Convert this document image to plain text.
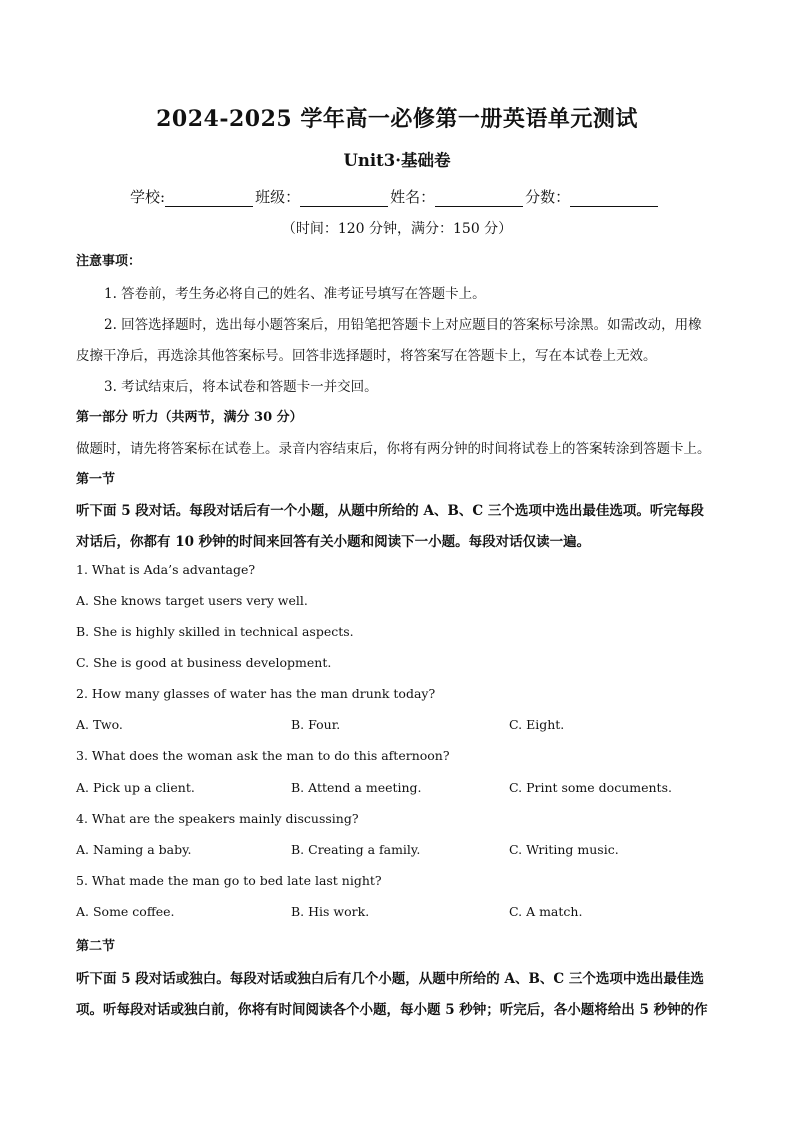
2024-2025 学年高一必修第一册英语单元测试
Unit3·基础卷
学校:	班级：	姓名：	分数：
（时间：120 分钟，满分：150 分）
注意事项：
1. 答卷前，考生务必将自己的姓名、准考证号填写在答题卡上。
2. 回答选择题时，选出每小题答案后，用铅笔把答题卡上对应题目的答案标号涂黑。如需改动，用橡
皮擦干净后，再选涂其他答案标号。回答非选择题时，将答案写在答题卡上，写在本试卷上无效。
3. 考试结束后，将本试卷和答题卡一并交回。
第一部分 听力（共两节，满分 30 分）
做题时，请先将答案标在试卷上。录音内容结束后，你将有两分钟的时间将试卷上的答案转涂到答题卡上。
第一节
听下面 5 段对话。每段对话后有一个小题，从题中所给的 A、B、C 三个选项中选出最佳选项。听完每段
对话后，你都有 10 秒钟的时间来回答有关小题和阅读下一小题。每段对话仅读一遍。
1. What is Ada’s advantage?
A. She knows target users very well.
B. She is highly skilled in technical aspects.
C. She is good at business development.
2. How many glasses of water has the man drunk today?
A. Two.	B. Four.	C. Eight.
3. What does the woman ask the man to do this afternoon?
A. Pick up a client.	B. Attend a meeting.	C. Print some documents.
4. What are the speakers mainly discussing?
A. Naming a baby.	B. Creating a family.	C. Writing music.
5. What made the man go to bed late last night?
A. Some coffee.	B. His work.	C. A match.
第二节
听下面 5 段对话或独白。每段对话或独白后有几个小题，从题中所给的 A、B、C 三个选项中选出最佳选
项。听每段对话或独白前，你将有时间阅读各个小题，每小题 5 秒钟；听完后，各小题将给出 5 秒钟的作
